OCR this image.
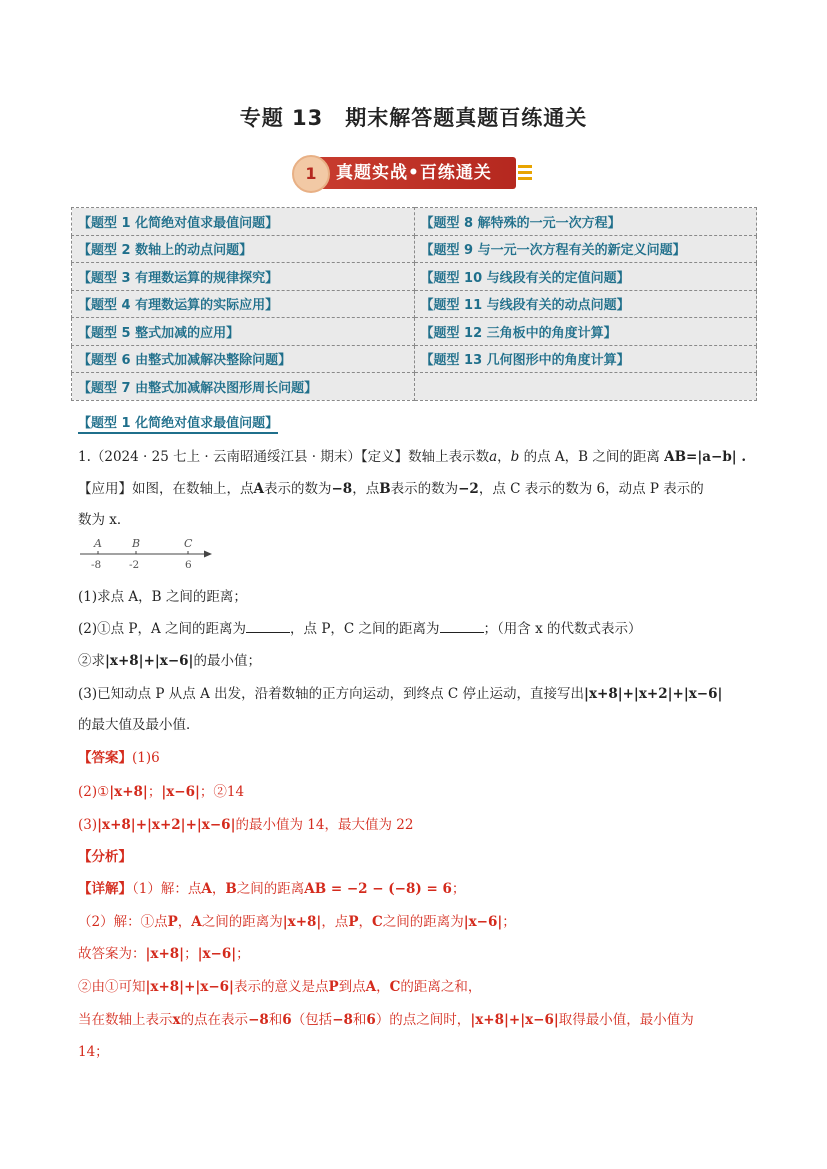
专题 13　期末解答题真题百练通关
1	真题实战•百练通关
【题型 1 化简绝对值求最值问题】	【题型 8 解特殊的一元一次方程】
【题型 2 数轴上的动点问题】	【题型 9 与一元一次方程有关的新定义问题】
【题型 3 有理数运算的规律探究】	【题型 10 与线段有关的定值问题】
【题型 4 有理数运算的实际应用】	【题型 11 与线段有关的动点问题】
【题型 5 整式加减的应用】	【题型 12 三角板中的角度计算】
【题型 6 由整式加减解决整除问题】	【题型 13 几何图形中的角度计算】
【题型 7 由整式加减解决图形周长问题】	
【题型 1 化简绝对值求最值问题】
1.（2024 · 25 七上 · 云南昭通绥江县 · 期末）【定义】数轴上表示数a，b 的点 A，B 之间的距离 AB=|a−b| .
【应用】如图，在数轴上，点A表示的数为−8，点B表示的数为−2，点 C 表示的数为 6，动点 P 表示的
数为 x．
A	B	C
-8	-2	6
(1)求点 A，B 之间的距离；
(2)①点 P，A 之间的距离为	，点 P，C 之间的距离为	；（用含 x 的代数式表示）
②求|x+8|+|x−6|的最小值；
(3)已知动点 P 从点 A 出发，沿着数轴的正方向运动，到终点 C 停止运动，直接写出|x+8|+|x+2|+|x−6|
的最大值及最小值．
【答案】(1)6
(2)①|x+8|；|x−6|；②14
(3)|x+8|+|x+2|+|x−6|的最小值为 14，最大值为 22
【分析】
【详解】（1）解：点A，B之间的距离AB = −2 − (−8) = 6；
（2）解：①点P，A之间的距离为|x+8|，点P，C之间的距离为|x−6|；
故答案为：|x+8|；|x−6|；
②由①可知|x+8|+|x−6|表示的意义是点P到点A，C的距离之和，
当在数轴上表示x的点在表示−8和6（包括−8和6）的点之间时，|x+8|+|x−6|取得最小值，最小值为
14；
